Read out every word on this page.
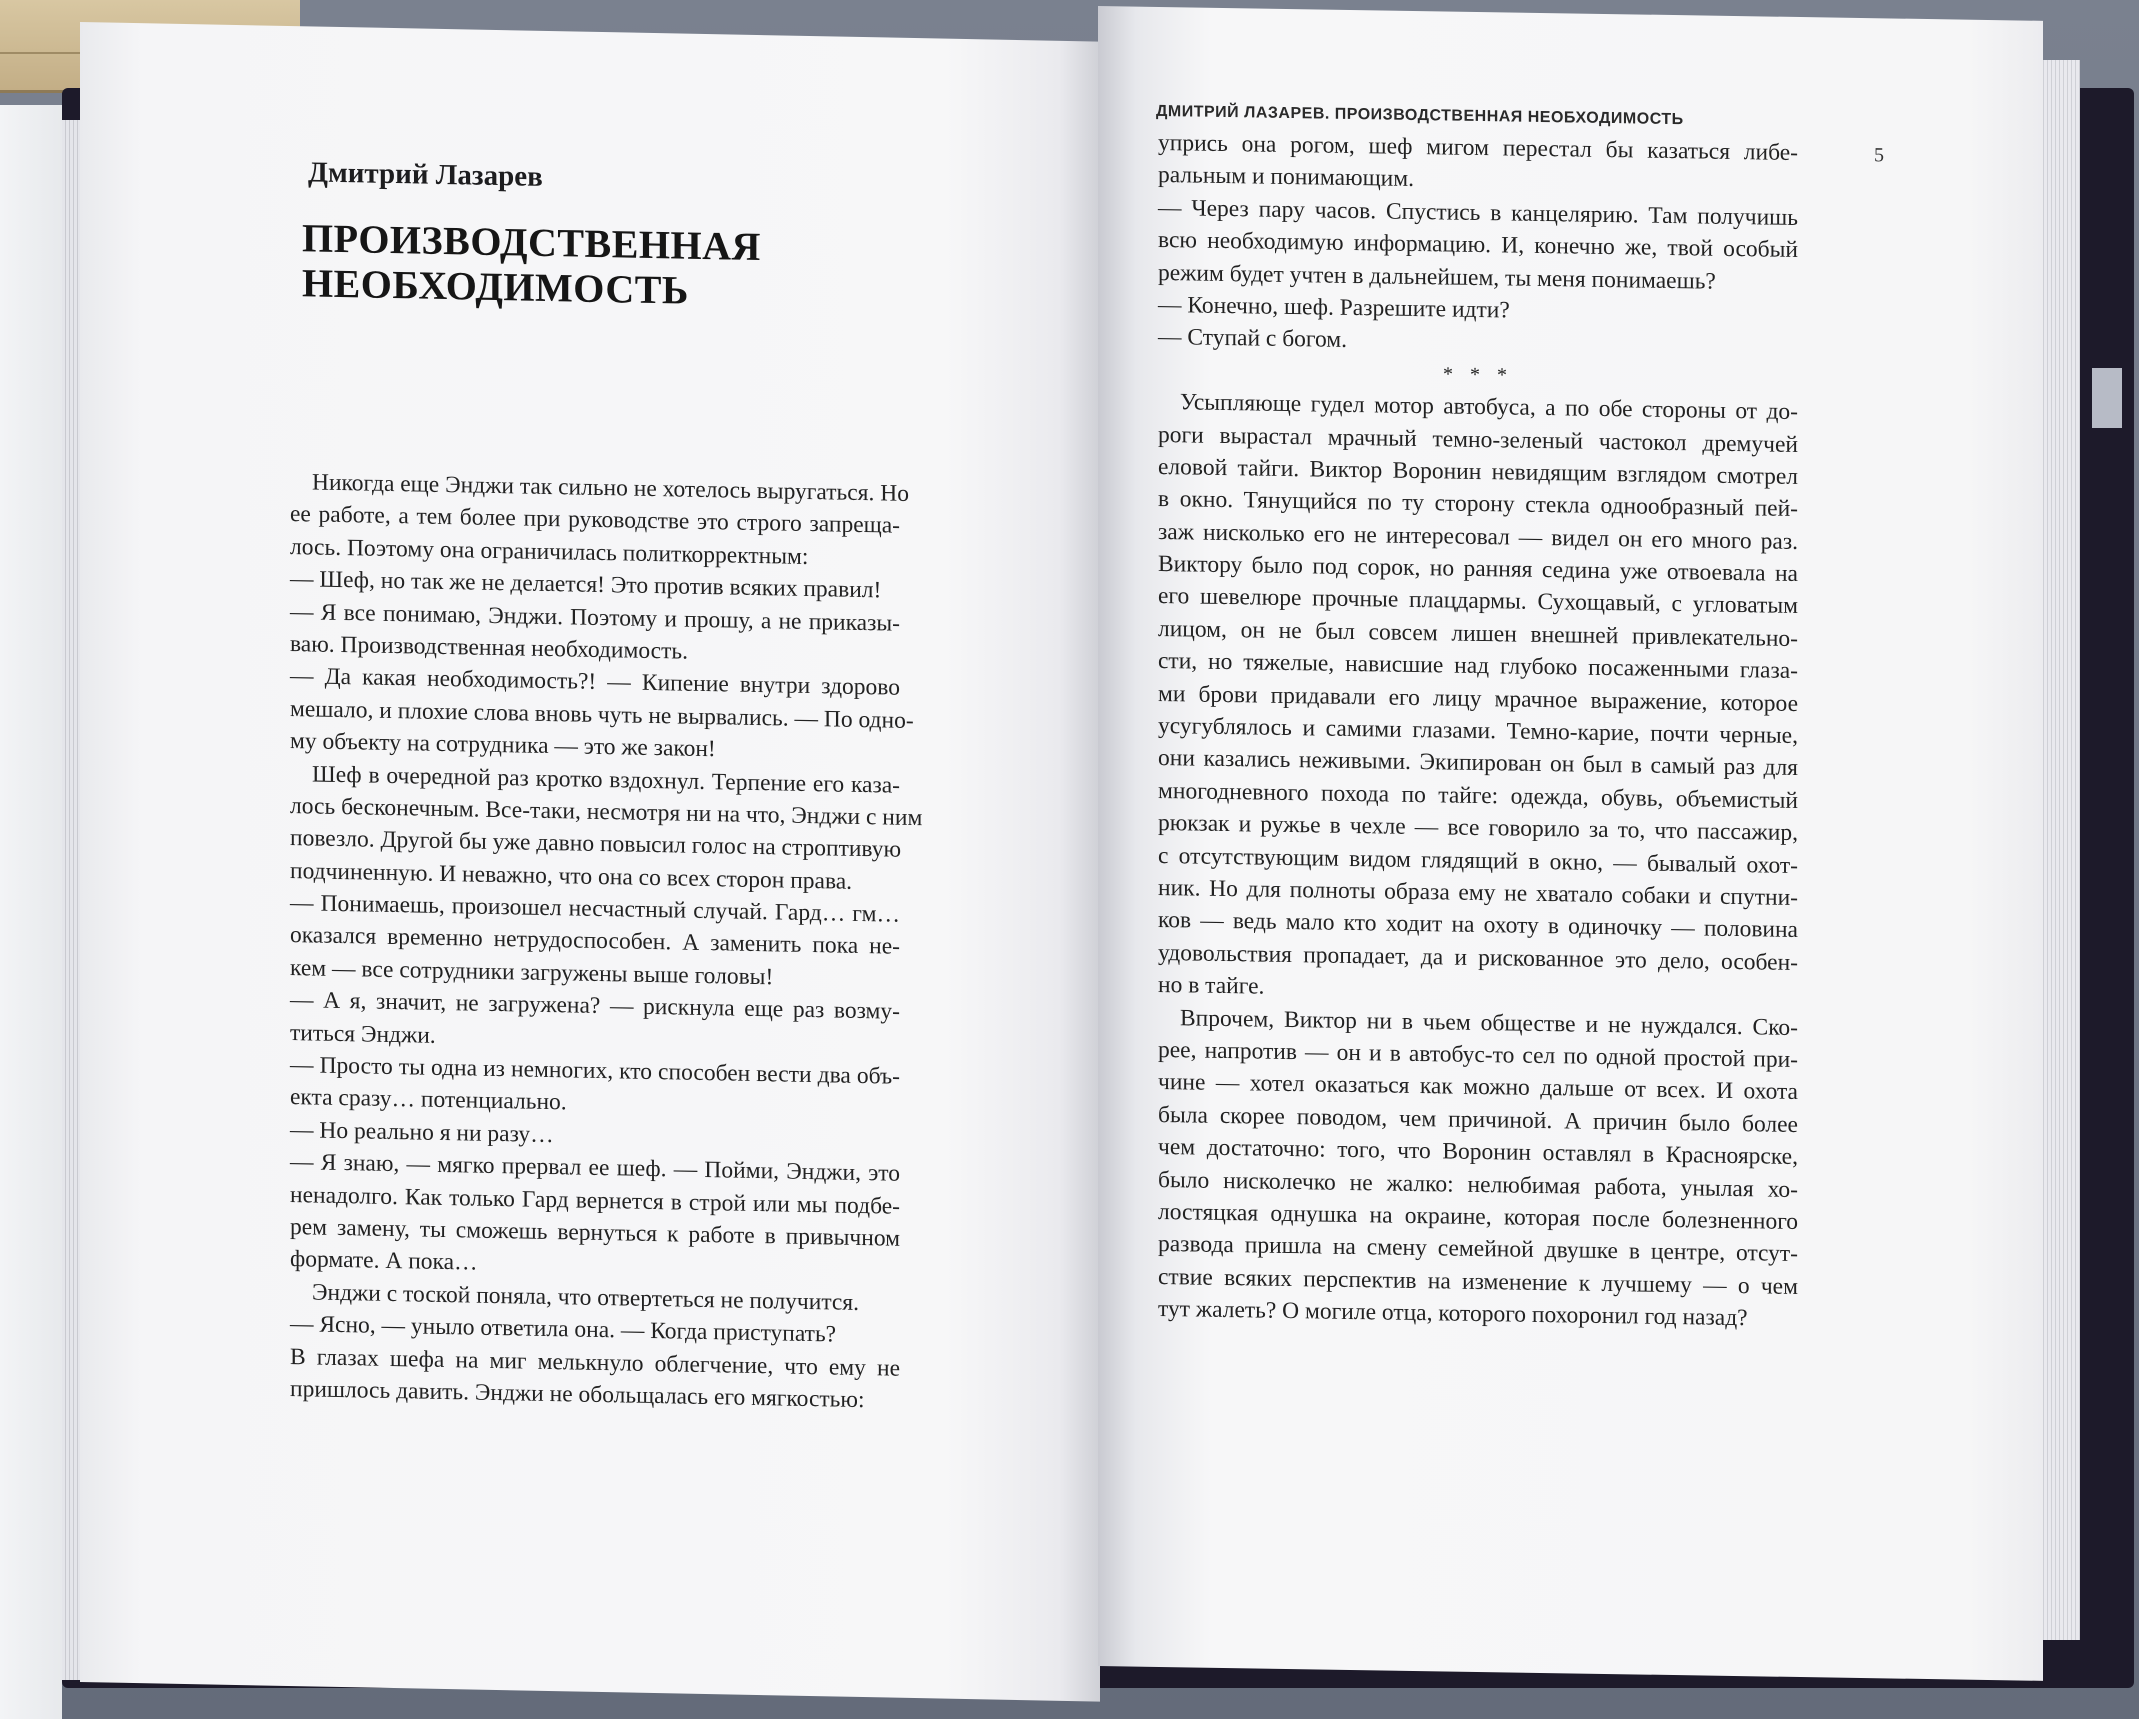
Дмитрий Лазарев
ПРОИЗВОДСТВЕННАЯ
НЕОБХОДИМОСТЬ
Никогда еще Энджи так сильно не хотелось выругаться. Но
ее работе, а тем более при руководстве это строго запреща-
лось. Поэтому она ограничилась политкорректным:
— Шеф, но так же не делается! Это против всяких правил!
— Я все понимаю, Энджи. Поэтому и прошу, а не приказы-
ваю. Производственная необходимость.
— Да какая необходимость?! — Кипение внутри здорово
мешало, и плохие слова вновь чуть не вырвались. — По одно-
му объекту на сотрудника — это же закон!
Шеф в очередной раз кротко вздохнул. Терпение его каза-
лось бесконечным. Все-таки, несмотря ни на что, Энджи с ним
повезло. Другой бы уже давно повысил голос на строптивую
подчиненную. И неважно, что она со всех сторон права.
— Понимаешь, произошел несчастный случай. Гард… гм…
оказался временно нетрудоспособен. А заменить пока не-
кем — все сотрудники загружены выше головы!
— А я, значит, не загружена? — рискнула еще раз возму-
титься Энджи.
— Просто ты одна из немногих, кто способен вести два объ-
екта сразу… потенциально.
— Но реально я ни разу…
— Я знаю, — мягко прервал ее шеф. — Пойми, Энджи, это
ненадолго. Как только Гард вернется в строй или мы подбе-
рем замену, ты сможешь вернуться к работе в привычном
формате. А пока…
Энджи с тоской поняла, что отвертеться не получится.
— Ясно, — уныло ответила она. — Когда приступать?
В глазах шефа на миг мелькнуло облегчение, что ему не
пришлось давить. Энджи не обольщалась его мягкостью:
ДМИТРИЙ ЛАЗАРЕВ. ПРОИЗВОДСТВЕННАЯ НЕОБХОДИМОСТЬ
5
упрись она рогом, шеф мигом перестал бы казаться либе-
ральным и понимающим.
— Через пару часов. Спустись в канцелярию. Там получишь
всю необходимую информацию. И, конечно же, твой особый
режим будет учтен в дальнейшем, ты меня понимаешь?
— Конечно, шеф. Разрешите идти?
— Ступай с богом.
* * *
Усыпляюще гудел мотор автобуса, а по обе стороны от до-
роги вырастал мрачный темно-зеленый частокол дремучей
еловой тайги. Виктор Воронин невидящим взглядом смотрел
в окно. Тянущийся по ту сторону стекла однообразный пей-
заж нисколько его не интересовал — видел он его много раз.
Виктору было под сорок, но ранняя седина уже отвоевала на
его шевелюре прочные плацдармы. Сухощавый, с угловатым
лицом, он не был совсем лишен внешней привлекательно-
сти, но тяжелые, нависшие над глубоко посаженными глаза-
ми брови придавали его лицу мрачное выражение, которое
усугублялось и самими глазами. Темно-карие, почти черные,
они казались неживыми. Экипирован он был в самый раз для
многодневного похода по тайге: одежда, обувь, объемистый
рюкзак и ружье в чехле — все говорило за то, что пассажир,
с отсутствующим видом глядящий в окно, — бывалый охот-
ник. Но для полноты образа ему не хватало собаки и спутни-
ков — ведь мало кто ходит на охоту в одиночку — половина
удовольствия пропадает, да и рискованное это дело, особен-
но в тайге.
Впрочем, Виктор ни в чьем обществе и не нуждался. Ско-
рее, напротив — он и в автобус-то сел по одной простой при-
чине — хотел оказаться как можно дальше от всех. И охота
была скорее поводом, чем причиной. А причин было более
чем достаточно: того, что Воронин оставлял в Красноярске,
было нисколечко не жалко: нелюбимая работа, унылая хо-
лостяцкая однушка на окраине, которая после болезненного
развода пришла на смену семейной двушке в центре, отсут-
ствие всяких перспектив на изменение к лучшему — о чем
тут жалеть? О могиле отца, которого похоронил год назад?
